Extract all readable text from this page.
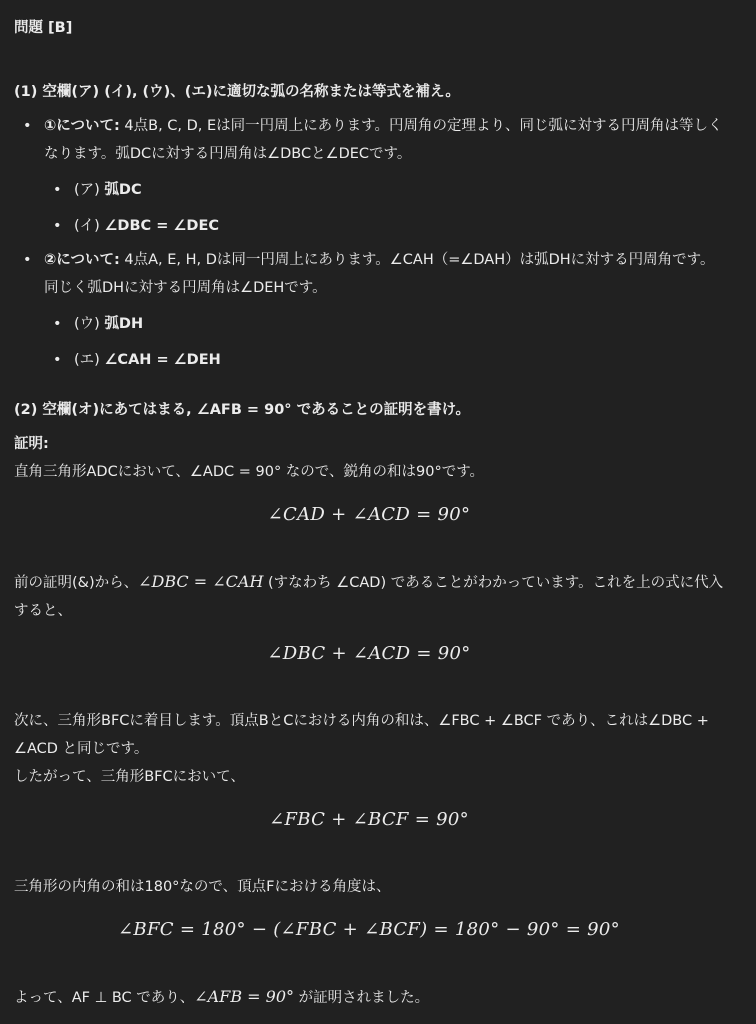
問題 [B]
(1) 空欄(ア) (イ), (ウ)、(エ)に適切な弧の名称または等式を補え。
• ①について: 4点B, C, D, Eは同一円周上にあります。円周角の定理より、同じ弧に対する円周角は等しくなります。弧DCに対する円周角は∠DBCと∠DECです。
• (ア) 弧DC
• (イ) ∠DBC = ∠DEC
• ②について: 4点A, E, H, Dは同一円周上にあります。∠CAH（=∠DAH）は弧DHに対する円周角です。同じく弧DHに対する円周角は∠DEHです。
• (ウ) 弧DH
• (エ) ∠CAH = ∠DEH
(2) 空欄(オ)にあてはまる, ∠AFB = 90° であることの証明を書け。

証明:

直角三角形ADCにおいて、∠ADC = 90° なので、鋭角の和は90°です。

∠CAD + ∠ACD = 90°

前の証明(&)から、∠DBC = ∠CAH (すなわち ∠CAD) であることがわかっています。これを上の式に代入すると、

∠DBC + ∠ACD = 90°

次に、三角形BFCに着目します。頂点BとCにおける内角の和は、∠FBC + ∠BCF であり、これは∠DBC + ∠ACD と同じです。

したがって、三角形BFCにおいて、

∠FBC + ∠BCF = 90°

三角形の内角の和は180°なので、頂点Fにおける角度は、

∠BFC = 180° − (∠FBC + ∠BCF) = 180° − 90° = 90°

よって、AF ⊥ BC であり、∠AFB = 90° が証明されました。
